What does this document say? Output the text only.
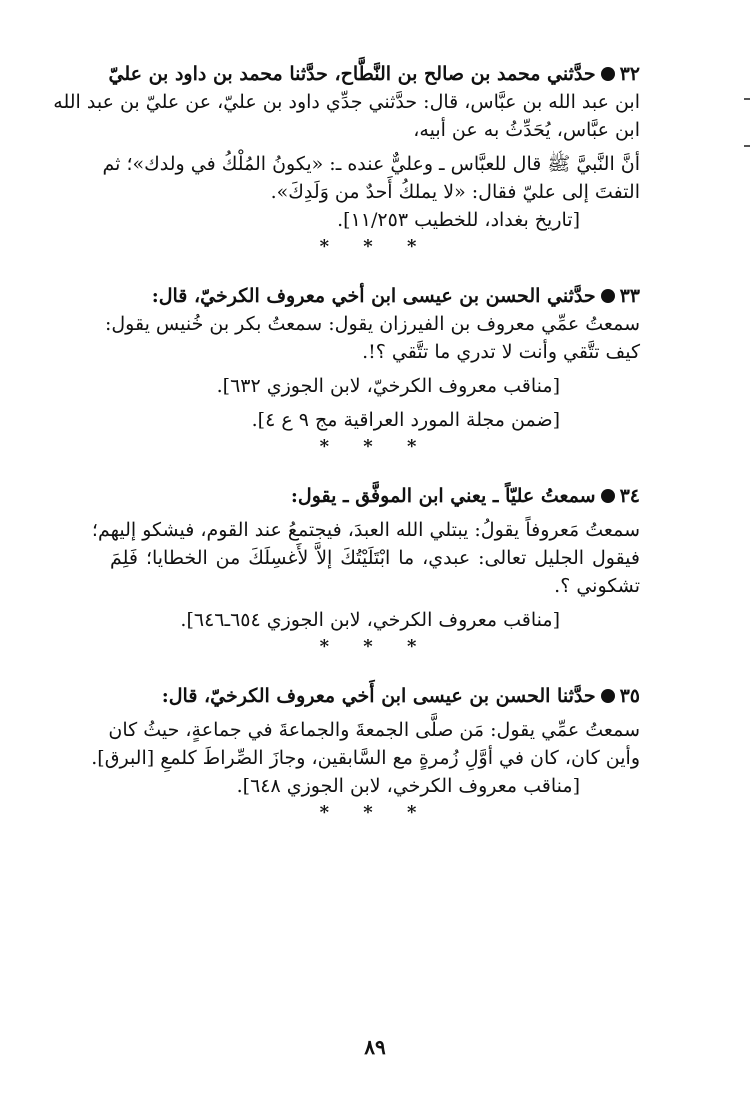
٣٢حدَّثني محمد بن صالح بن النَّطَّاح، حدَّثنا محمد بن داود بن عليّ
ابن عبد الله بن عبَّاس، قال: حدَّثني جدِّي داود بن عليّ، عن عليّ بن عبد الله
ابن عبَّاس، يُحَدِّثُ به عن أبيه،
أنَّ النَّبيَّ ﷺ قال للعبَّاس ـ وعليٌّ عنده ـ: «يكونُ المُلْكُ في ولدك»؛ ثم
التفتَ إلى عليّ فقال: «لا يملكُ أَحدٌ من وَلَدِكَ».
[تاريخ بغداد، للخطيب ١١/٢٥٣].
* * *
٣٣حدَّثني الحسن بن عيسى ابن أخي معروف الكرخيّ، قال:
سمعتُ عمِّي معروف بن الفيرزان يقول: سمعتُ بكر بن خُنيس يقول:
كيف تتَّقي وأنت لا تدري ما تتَّقي ؟!.
[مناقب معروف الكرخيّ، لابن الجوزي ٦٣٢].
[ضمن مجلة المورد العراقية مج ٩ ع ٤].
* * *
٣٤سمعتُ عليّاً ـ يعني ابن الموفَّق ـ يقول:
سمعتُ مَعروفاً يقولُ: يبتلي الله العبدَ، فيجتمعُ عند القوم، فيشكو إليهم؛
فيقول الجليل تعالى: عبدي، ما ابْتَلَيْتُكَ إلاَّ لأَغسِلَكَ من الخطايا؛ فَلِمَ
تشكوني ؟.
[مناقب معروف الكرخي، لابن الجوزي ٦٥٤ـ٦٤٦].
* * *
٣٥حدَّثنا الحسن بن عيسى ابن أَخي معروف الكرخيّ، قال:
سمعتُ عمِّي يقول: مَن صلَّى الجمعةَ والجماعةَ في جماعةٍ، حيثُ كان
وأين كان، كان في أوَّلِ زُمرةٍ مع السَّابقين، وجازَ الصِّراطَ كلمعِ [البرق].
[مناقب معروف الكرخي، لابن الجوزي ٦٤٨].
* * *
٨٩
